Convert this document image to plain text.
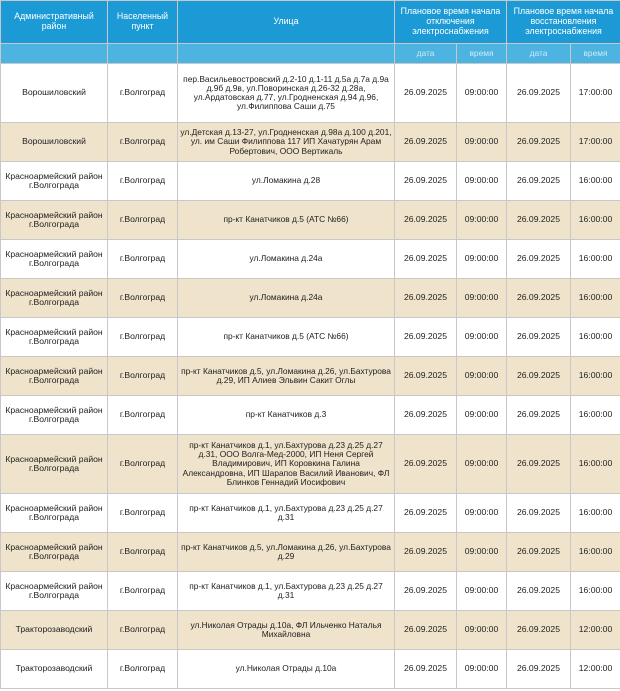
Административный район	Населенный пункт	Улица	Плановое время начала отключения электроснабжения		Плановое время начала восстановления электроснабжения	
			дата	время	дата	время
Ворошиловский	г.Волгоград	пер.Васильевостровский д.2-10 д.1-11 д.5а д.7а д.9а д.9б д.9в, ул.Поворинская д.26-32 д.28а, ул.Ардатовская д.77, ул.Гродненская д.94 д.96, ул.Филиппова Саши д.75	26.09.2025	09:00:00	26.09.2025	17:00:00
Ворошиловский	г.Волгоград	ул.Детская д.13-27, ул.Гродненская д.98а д.100 д.201, ул. им Саши Филиппова 117 ИП Хачатурян Арам Робертович, ООО Вертикаль	26.09.2025	09:00:00	26.09.2025	17:00:00
Красноармейский район г.Волгограда	г.Волгоград	ул.Ломакина д.28	26.09.2025	09:00:00	26.09.2025	16:00:00
Красноармейский район г.Волгограда	г.Волгоград	пр-кт Канатчиков д.5 (АТС №66)	26.09.2025	09:00:00	26.09.2025	16:00:00
Красноармейский район г.Волгограда	г.Волгоград	ул.Ломакина д.24а	26.09.2025	09:00:00	26.09.2025	16:00:00
Красноармейский район г.Волгограда	г.Волгоград	ул.Ломакина д.24а	26.09.2025	09:00:00	26.09.2025	16:00:00
Красноармейский район г.Волгограда	г.Волгоград	пр-кт Канатчиков д.5 (АТС №66)	26.09.2025	09:00:00	26.09.2025	16:00:00
Красноармейский район г.Волгограда	г.Волгоград	пр-кт Канатчиков д.5, ул.Ломакина д.26, ул.Бахтурова д.29, ИП Алиев Эльвин Сакит Оглы	26.09.2025	09:00:00	26.09.2025	16:00:00
Красноармейский район г.Волгограда	г.Волгоград	пр-кт Канатчиков д.3	26.09.2025	09:00:00	26.09.2025	16:00:00
Красноармейский район г.Волгограда	г.Волгоград	пр-кт Канатчиков д.1, ул.Бахтурова д.23 д.25 д.27 д.31, ООО Волга-Мед-2000, ИП Неня Сергей Владимирович, ИП Коровкина Галина Александровна, ИП Шарапов Василий Иванович, ФЛ Блинков Геннадий Иосифович	26.09.2025	09:00:00	26.09.2025	16:00:00
Красноармейский район г.Волгограда	г.Волгоград	пр-кт Канатчиков д.1, ул.Бахтурова д.23 д.25 д.27 д.31	26.09.2025	09:00:00	26.09.2025	16:00:00
Красноармейский район г.Волгограда	г.Волгоград	пр-кт Канатчиков д.5, ул.Ломакина д.26, ул.Бахтурова д.29	26.09.2025	09:00:00	26.09.2025	16:00:00
Красноармейский район г.Волгограда	г.Волгоград	пр-кт Канатчиков д.1, ул.Бахтурова д.23 д.25 д.27 д.31	26.09.2025	09:00:00	26.09.2025	16:00:00
Тракторозаводский	г.Волгоград	ул.Николая Отрады д.10а, ФЛ Ильченко Наталья Михайловна	26.09.2025	09:00:00	26.09.2025	12:00:00
Тракторозаводский	г.Волгоград	ул.Николая Отрады д.10а	26.09.2025	09:00:00	26.09.2025	12:00:00
